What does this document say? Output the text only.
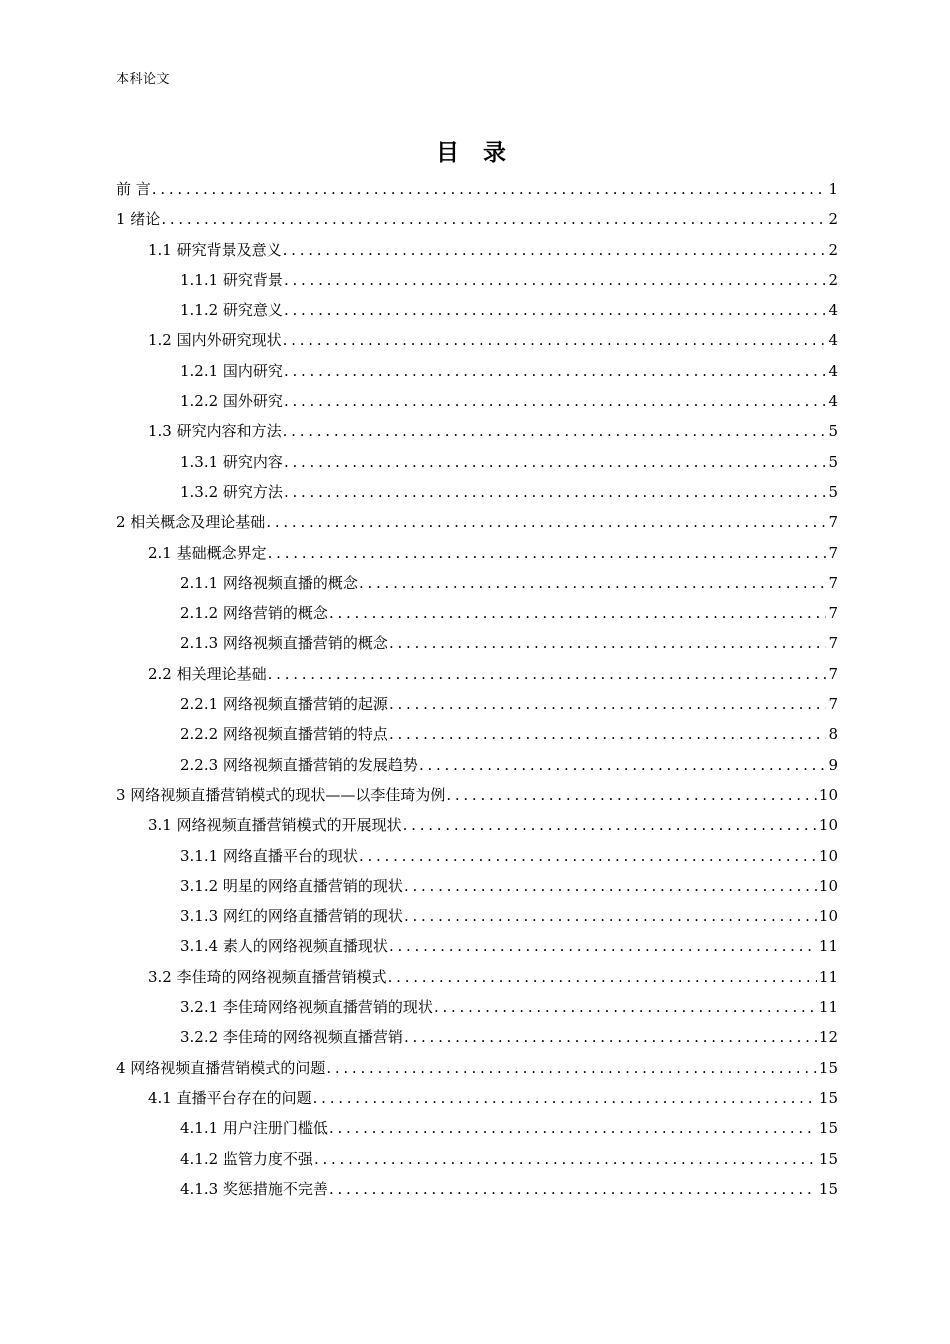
本科论文
目 录
前 言 . . .	1
1 绪论 . . .	2
1.1 研究背景及意义 . . .	2
1.1.1 研究背景 . . .	2
1.1.2 研究意义 . . .	4
1.2 国内外研究现状 . . .	4
1.2.1 国内研究 . . .	4
1.2.2 国外研究 . . .	4
1.3 研究内容和方法 . . .	5
1.3.1 研究内容 . . .	5
1.3.2 研究方法 . . .	5
2 相关概念及理论基础 . . .	7
2.1 基础概念界定 . . .	7
2.1.1 网络视频直播的概念 . . .	7
2.1.2 网络营销的概念 . . .	7
2.1.3 网络视频直播营销的概念 . . .	7
2.2 相关理论基础 . . .	7
2.2.1 网络视频直播营销的起源 . . .	7
2.2.2 网络视频直播营销的特点 . . .	8
2.2.3 网络视频直播营销的发展趋势 . . .	9
3 网络视频直播营销模式的现状——以李佳琦为例 . . .	10
3.1 网络视频直播营销模式的开展现状 . . .	10
3.1.1 网络直播平台的现状 . . .	10
3.1.2 明星的网络直播营销的现状 . . .	10
3.1.3 网红的网络直播营销的现状 . . .	10
3.1.4 素人的网络视频直播现状 . . .	11
3.2 李佳琦的网络视频直播营销模式 . . .	11
3.2.1 李佳琦网络视频直播营销的现状 . . .	11
3.2.2 李佳琦的网络视频直播营销 . . .	12
4 网络视频直播营销模式的问题 . . .	15
4.1 直播平台存在的问题 . . .	15
4.1.1 用户注册门槛低 . . .	15
4.1.2 监管力度不强 . . .	15
4.1.3 奖惩措施不完善 . . .	15
